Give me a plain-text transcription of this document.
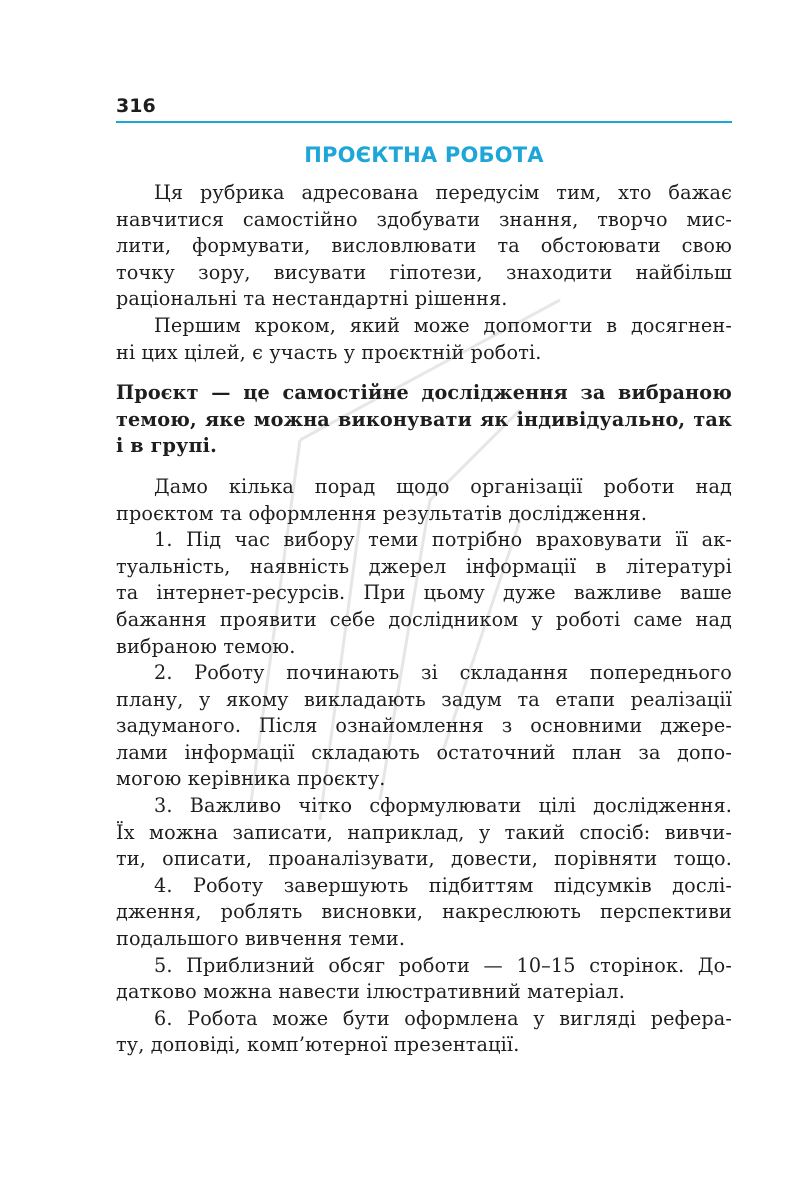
316
ПРОЄКТНА РОБОТА
Ця рубрика адресована передусім тим, хто бажає
навчитися самостійно здобувати знання, творчо мис-
лити, формувати, висловлювати та обстоювати свою
точку зору, висувати гіпотези, знаходити найбільш
раціональні та нестандартні рішення.
Першим кроком, який може допомогти в досягнен-
ні цих цілей, є участь у проєктній роботі.
Проєкт — це самостійне дослідження за вибраною
темою, яке можна виконувати як індивідуально, так
і в групі.
Дамо кілька порад щодо організації роботи над
проєктом та оформлення результатів дослідження.
1. Під час вибору теми потрібно враховувати її ак-
туальність, наявність джерел інформації в літературі
та інтернет-ресурсів. При цьому дуже важливе ваше
бажання проявити себе дослідником у роботі саме над
вибраною темою.
2. Роботу починають зі складання попереднього
плану, у якому викладають задум та етапи реалізації
задуманого. Після ознайомлення з основними джере-
лами інформації складають остаточний план за допо-
могою керівника проєкту.
3. Важливо чітко сформулювати цілі дослідження.
Їх можна записати, наприклад, у такий спосіб: вивчи-
ти, описати, проаналізувати, довести, порівняти тощо.
4. Роботу завершують підбиттям підсумків дослі-
дження, роблять висновки, накреслюють перспективи
подальшого вивчення теми.
5. Приблизний обсяг роботи — 10–15 сторінок. До-
датково можна навести ілюстративний матеріал.
6. Робота може бути оформлена у вигляді рефера-
ту, доповіді, комп’ютерної презентації.
